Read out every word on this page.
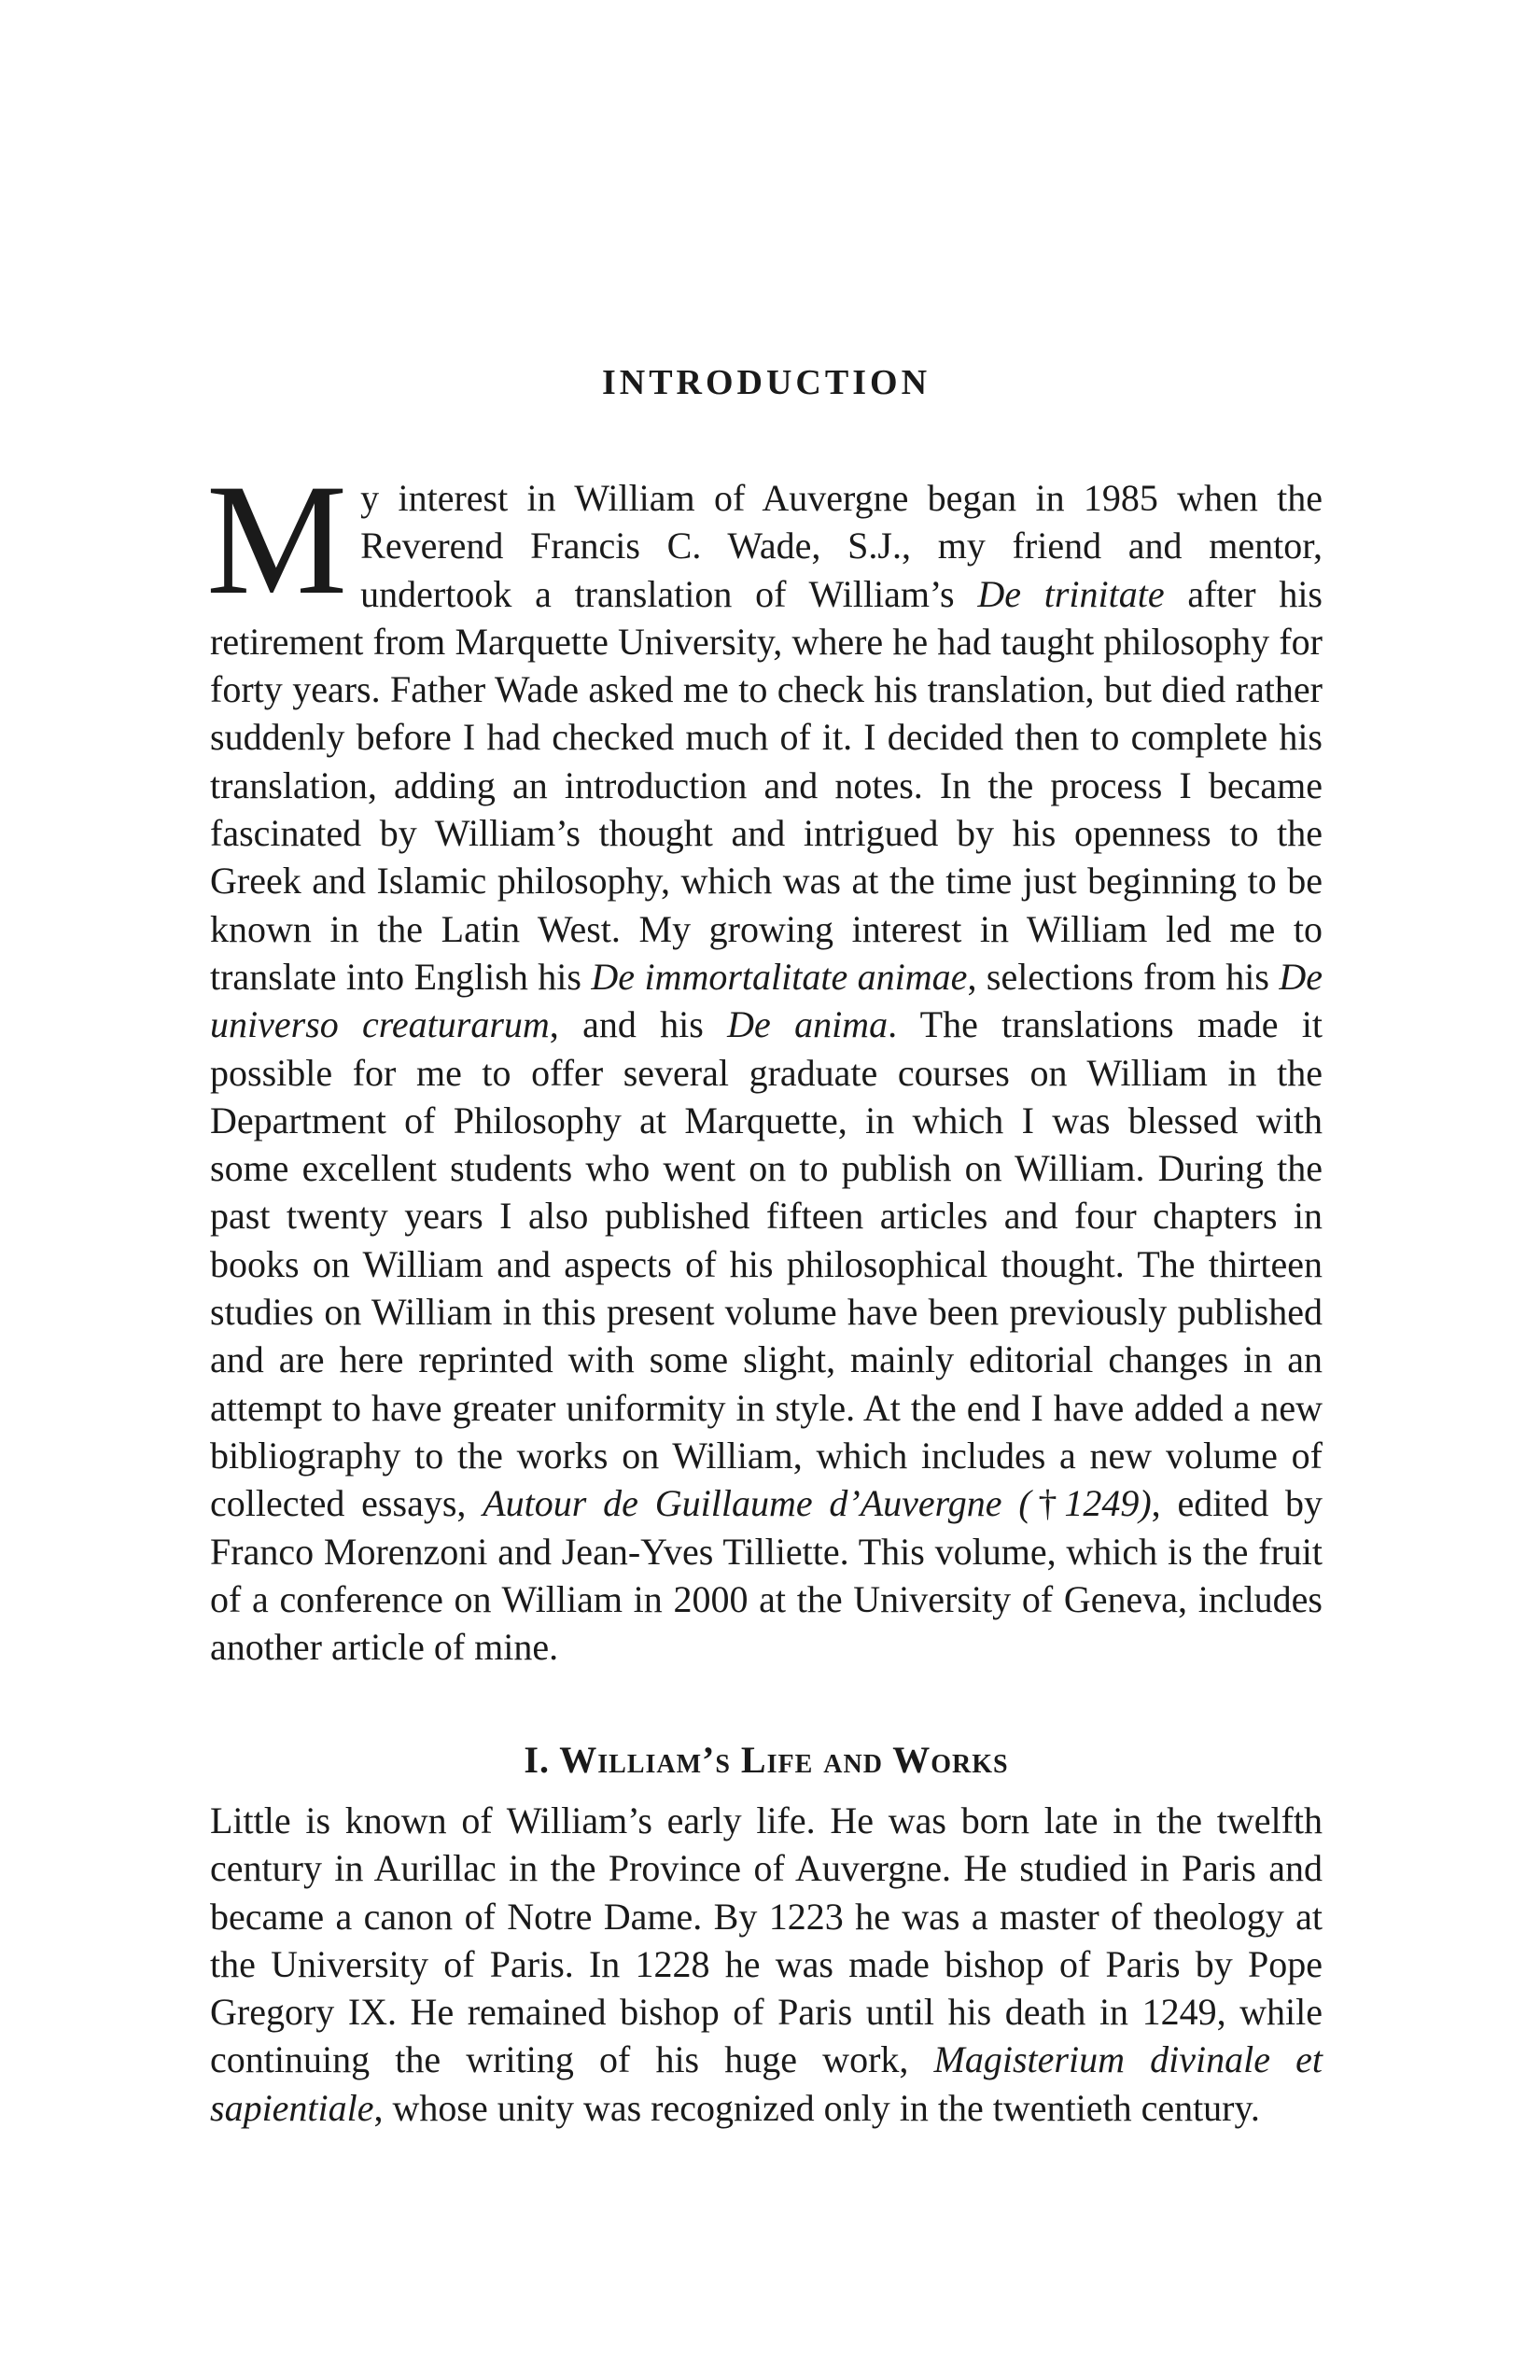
INTRODUCTION

M y interest in William of Auvergne began in 1985 when the Reverend Francis C. Wade, S.J., my friend and mentor, undertook a translation of William’s De trinitate after his retirement from Marquette University, where he had taught philosophy for forty years. Father Wade asked me to check his translation, but died rather suddenly before I had checked much of it. I decided then to complete his translation, adding an introduction and notes. In the process I became fascinated by William’s thought and intrigued by his openness to the Greek and Islamic philosophy, which was at the time just beginning to be known in the Latin West. My growing interest in William led me to translate into English his De immortalitate animae, selections from his De universo creaturarum, and his De anima. The translations made it possible for me to offer several graduate courses on William in the Department of Philosophy at Marquette, in which I was blessed with some excellent students who went on to publish on William. During the past twenty years I also published fifteen articles and four chapters in books on William and aspects of his philosophical thought. The thirteen studies on William in this present volume have been previously published and are here reprinted with some slight, mainly editorial changes in an attempt to have greater uniformity in style. At the end I have added a new bibliography to the works on William, which includes a new volume of collected essays, Autour de Guillaume d’Auvergne (†1249), edited by Franco Morenzoni and Jean-Yves Tilliette. This volume, which is the fruit of a conference on William in 2000 at the University of Geneva, includes another article of mine.

I. William’s Life and Works

Little is known of William’s early life. He was born late in the twelfth century in Aurillac in the Province of Auvergne. He studied in Paris and became a canon of Notre Dame. By 1223 he was a master of theology at the University of Paris. In 1228 he was made bishop of Paris by Pope Gregory IX. He remained bishop of Paris until his death in 1249, while continuing the writing of his huge work, Magisterium divinale et sapientiale, whose unity was recognized only in the twentieth century.
